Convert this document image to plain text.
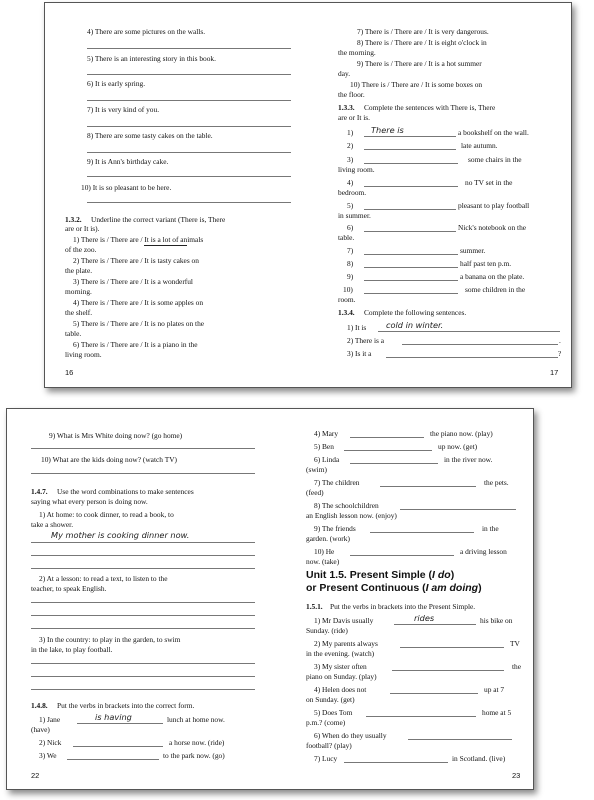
4) There are some pictures on the walls.
5) There is an interesting story in this book.
6) It is early spring.
7) It is very kind of you.
8) There are some tasty cakes on the table.
9) It is Ann's birthday cake.
10) It is so pleasant to be here.
1.3.2. Underline the correct variant (There is, There
are or It is).
1) There is / There are / It is a lot of animals
of the zoo.
2) There is / There are / It is tasty cakes on
the plate.
3) There is / There are / It is a wonderful
morning.
4) There is / There are / It is some apples on
the shelf.
5) There is / There are / It is no plates on the
table.
6) There is / There are / It is a piano in the
living room.
16
7) There is / There are / It is very dangerous.
8) There is / There are / It is eight o'clock in
the morning.
9) There is / There are / It is a hot summer
day.
10) There is / There are / It is some boxes on
the floor.
1.3.3. Complete the sentences with There is, There
are or It is.
1) There is	a bookshelf on the wall.
2)	late autumn.
3)	some chairs in the
living room.
4)	no TV set in the
bedroom.
5)	pleasant to play football
in summer.
6)	Nick's notebook on the
table.
7)	summer.
8)	half past ten p.m.
9)	a banana on the plate.
10)	some children in the
room.
1.3.4. Complete the following sentences.
1) It is cold in winter.
2) There is a	.
3) Is it a	?
17
9) What is Mrs White doing now? (go home)
10) What are the kids doing now? (watch TV)
1.4.7. Use the word combinations to make sentences
saying what every person is doing now.
1) At home: to cook dinner, to read a book, to
take a shower.
My mother is cooking dinner now.
2) At a lesson: to read a text, to listen to the
teacher, to speak English.
3) In the country: to play in the garden, to swim
in the lake, to play football.
1.4.8. Put the verbs in brackets into the correct form.
1) Jane	is having	lunch at home now.
(have)
2) Nick	a horse now. (ride)
3) We	to the park now. (go)
22
4) Mary	the piano now. (play)
5) Ben	up now. (get)
6) Linda	in the river now.
(swim)
7) The children	the pets.
(feed)
8) The schoolchildren
an English lesson now. (enjoy)
9) The friends	in the
garden. (work)
10) He	a driving lesson
now. (take)
Unit 1.5. Present Simple (I do)
or Present Continuous (I am doing)
1.5.1. Put the verbs in brackets into the Present Simple.
1) Mr Davis usually	rides	his bike on
Sunday. (ride)
2) My parents always	TV
in the evening. (watch)
3) My sister often	the
piano on Sunday. (play)
4) Helen does not	up at 7
on Sunday. (get)
5) Does Tom	home at 5
p.m.? (come)
6) When do they usually
football? (play)
7) Lucy	in Scotland. (live)
23
